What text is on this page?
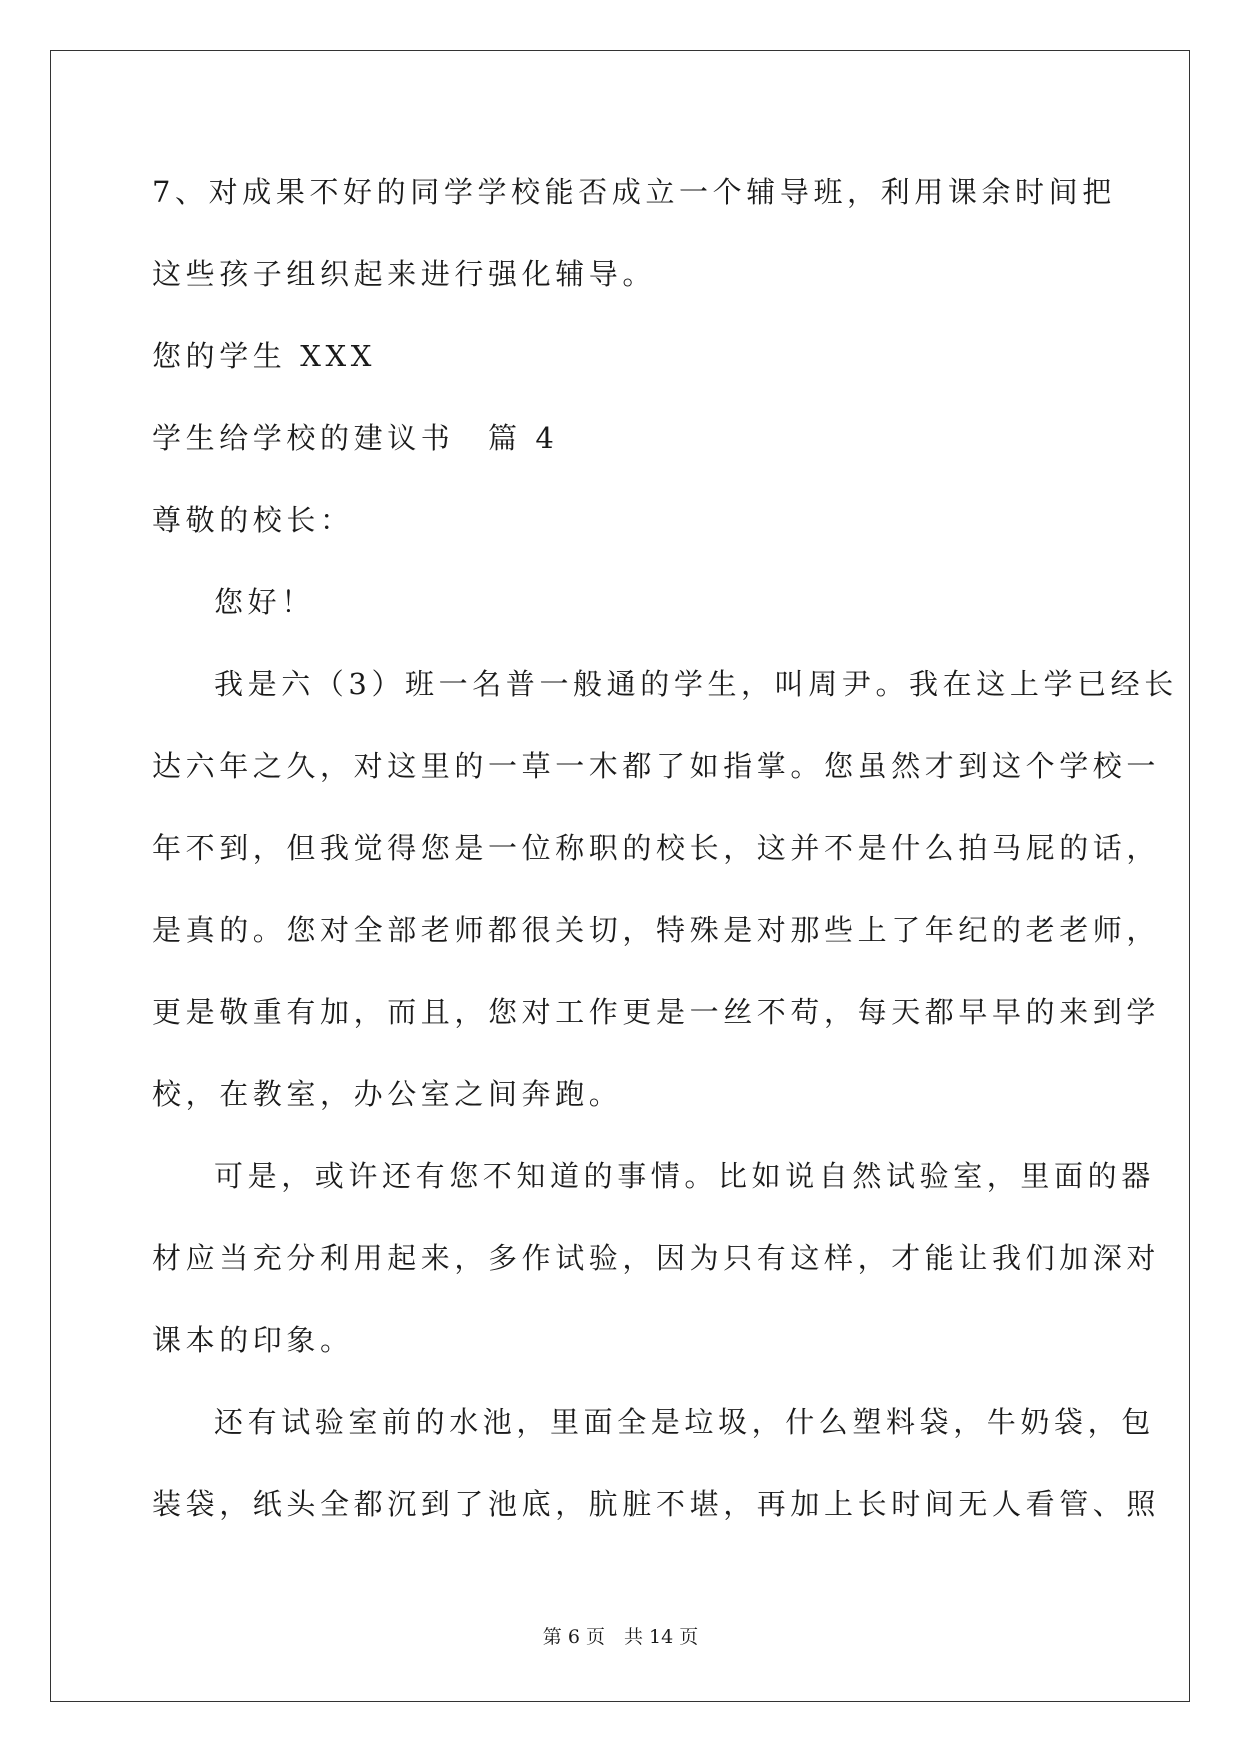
7、对成果不好的同学学校能否成立一个辅导班，利用课余时间把
这些孩子组织起来进行强化辅导。
您的学生 XXX
学生给学校的建议书　篇 4
尊敬的校长：
您好！
我是六（3）班一名普一般通的学生，叫周尹。我在这上学已经长
达六年之久，对这里的一草一木都了如指掌。您虽然才到这个学校一
年不到，但我觉得您是一位称职的校长，这并不是什么拍马屁的话，
是真的。您对全部老师都很关切，特殊是对那些上了年纪的老老师，
更是敬重有加，而且，您对工作更是一丝不苟，每天都早早的来到学
校，在教室，办公室之间奔跑。
可是，或许还有您不知道的事情。比如说自然试验室，里面的器
材应当充分利用起来，多作试验，因为只有这样，才能让我们加深对
课本的印象。
还有试验室前的水池，里面全是垃圾，什么塑料袋，牛奶袋，包
装袋，纸头全都沉到了池底，肮脏不堪，再加上长时间无人看管、照
第 6 页　共 14 页
